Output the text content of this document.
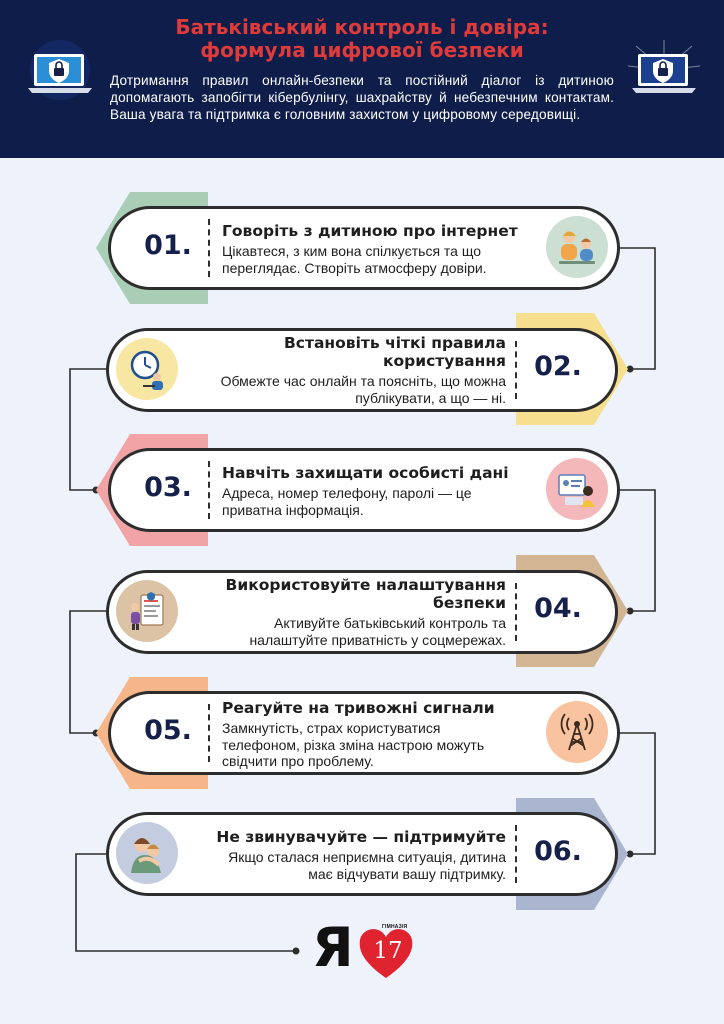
Батьківський контроль і довіра:
формула цифрової безпеки
Дотримання правил онлайн-безпеки та постійний діалог із дитиною допомагають запобігти кібербулінгу, шахрайству й небезпечним контактам. Ваша увага та підтримка є головним захистом у цифровому середовищі.
01.	Говоріть з дитиною про інтернет
Цікавтеся, з ким вона спілкується та що
переглядає. Створіть атмосферу довіри.
02.
Встановіть чіткі правила
користування
Обмежте час онлайн та поясніть, що можна
публікувати, а що — ні.
03.	Навчіть захищати особисті дані
Адреса, номер телефону, паролі — це
приватна інформація.
04.
Використовуйте налаштування
безпеки
Активуйте батьківський контроль та
налаштуйте приватність у соцмережах.
05.
Реагуйте на тривожні сигнали
Замкнутість, страх користуватися
телефоном, різка зміна настрою можуть
свідчити про проблему.
06.
Не звинувачуйте — підтримуйте
Якщо сталася неприємна ситуація, дитина
має відчувати вашу підтримку.
Я 17
ГІМНАЗІЯ
